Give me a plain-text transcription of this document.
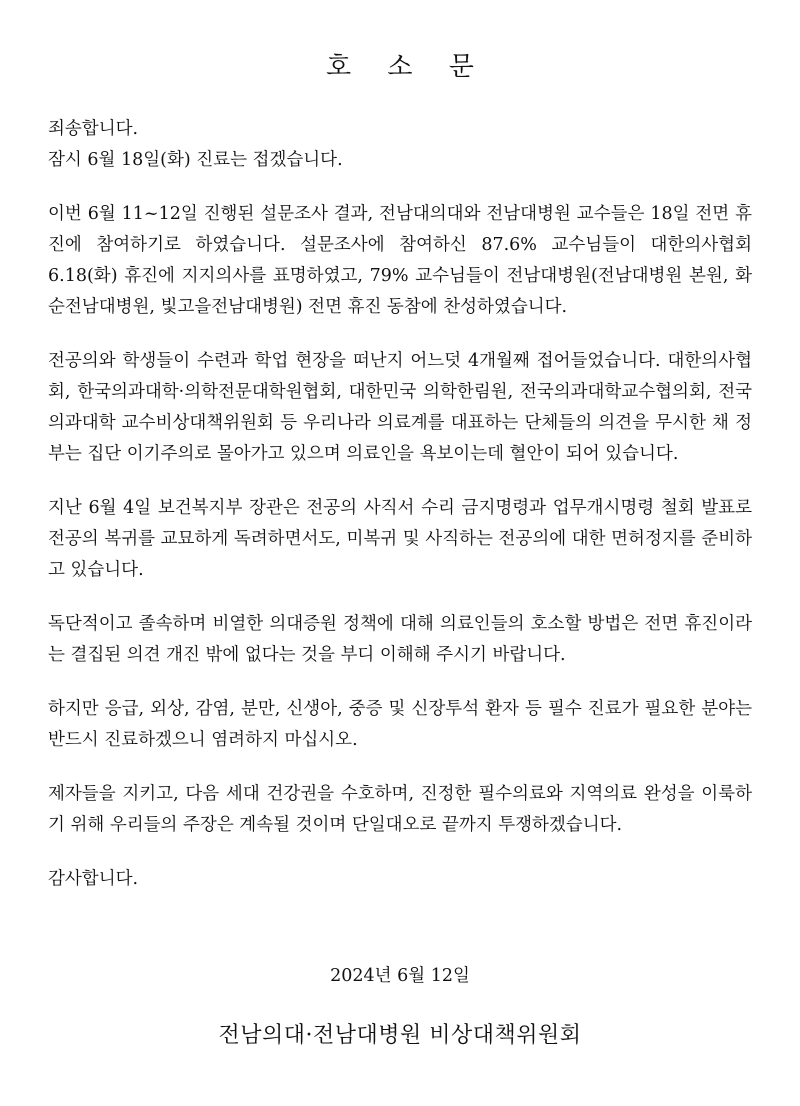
호 소 문

죄송합니다.

잠시 6월 18일(화) 진료는 접겠습니다.

이번 6월 11~12일 진행된 설문조사 결과, 전남대의대와 전남대병원 교수들은 18일 전면 휴진에 참여하기로 하였습니다. 설문조사에 참여하신 87.6% 교수님들이 대한의사협회 6.18(화) 휴진에 지지의사를 표명하였고, 79% 교수님들이 전남대병원(전남대병원 본원, 화순전남대병원, 빛고을전남대병원) 전면 휴진 동참에 찬성하였습니다.

전공의와 학생들이 수련과 학업 현장을 떠난지 어느덧 4개월째 접어들었습니다. 대한의사협회, 한국의과대학·의학전문대학원협회, 대한민국 의학한림원, 전국의과대학교수협의회, 전국의과대학 교수비상대책위원회 등 우리나라 의료계를 대표하는 단체들의 의견을 무시한 채 정부는 집단 이기주의로 몰아가고 있으며 의료인을 욕보이는데 혈안이 되어 있습니다.

지난 6월 4일 보건복지부 장관은 전공의 사직서 수리 금지명령과 업무개시명령 철회 발표로 전공의 복귀를 교묘하게 독려하면서도, 미복귀 및 사직하는 전공의에 대한 면허정지를 준비하고 있습니다.

독단적이고 졸속하며 비열한 의대증원 정책에 대해 의료인들의 호소할 방법은 전면 휴진이라는 결집된 의견 개진 밖에 없다는 것을 부디 이해해 주시기 바랍니다.

하지만 응급, 외상, 감염, 분만, 신생아, 중증 및 신장투석 환자 등 필수 진료가 필요한 분야는 반드시 진료하겠으니 염려하지 마십시오.

제자들을 지키고, 다음 세대 건강권을 수호하며, 진정한 필수의료와 지역의료 완성을 이룩하기 위해 우리들의 주장은 계속될 것이며 단일대오로 끝까지 투쟁하겠습니다.

감사합니다.

2024년 6월 12일
전남의대·전남대병원 비상대책위원회
